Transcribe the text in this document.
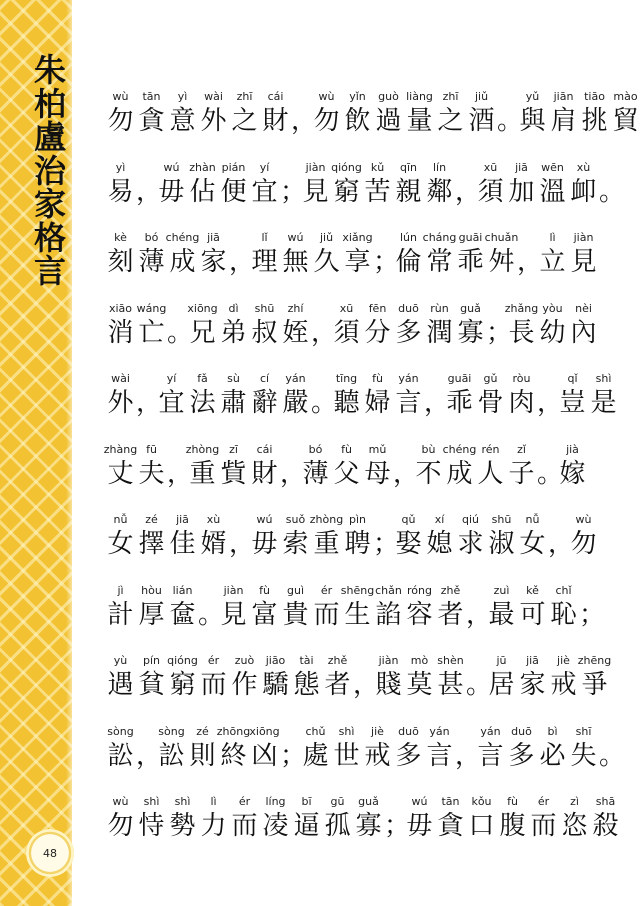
朱
柏
盧
治
家
格
言
48
wù tān yì wài zhī cái	wù yǐn guò liàng zhī jiǔ	yǔ jiān tiāo mào
勿 貪 意 外 之 財 ，
勿 飲 過 量 之 酒 。
與 肩 挑 貿
yì	wú zhàn pián yí	jiàn qióng kǔ qīn lín	xū jiā wēn xù
易 ，
毋 佔 便 宜 ；
見 窮 苦 親 鄰 ，
須 加 溫 卹 。
kè bó chéng jiā	lǐ wú jiǔ xiǎng lún cháng guāi chuǎn	lì jiàn
刻 薄 成 家 ，
理 無 久 享 ；
倫 常 乖 舛 ，
立 見
xiāo wáng xiōng dì shū zhí	xū fēn duō rùn guǎ zhǎng yòu nèi
消 亡 。
兄 弟 叔 姪 ，
須 分 多 潤 寡 ；
長 幼 內
wài	yí fǎ sù cí yán	tīng fù yán	guāi gǔ ròu	qǐ shì
外 ，
宜 法 肅 辭 嚴 。
聽 婦 言 ，
乖 骨 肉 ，
豈 是
zhàng fū	zhòng zī cái	bó fù mǔ	bù chéng rén zǐ	jià
丈 夫 ，
重 貲 財 ，
薄 父 母 ，
不 成 人 子 。
嫁
nǚ zé jiā xù	wú suǒ zhòng pìn	qǔ xí qiú shū nǚ	wù
女 擇 佳 婿 ，
毋 索 重 聘 ；
娶 媳 求 淑 女 ，
勿
jì hòu lián	jiàn fù guì ér shēng chǎn róng zhě	zuì kě chǐ
計 厚 奩 。
見 富 貴 而 生 諂 容 者 ，
最 可 恥 ；
yù pín qióng ér zuò jiāo tài zhě	jiàn mò shèn	jū jiā jiè zhēng
遇 貧 窮 而 作 驕 態 者 ，
賤 莫 甚 。
居 家 戒 爭
sòng sòng zé zhōng xiōng chǔ shì jiè duō yán	yán duō bì shī
訟 ，
訟 則 終 凶 ；
處 世 戒 多 言 ，
言 多 必 失 。
wù shì shì lì ér líng bī gū guǎ	wú tān kǒu fù ér zì shā
勿 恃 勢 力 而 凌 逼 孤 寡 ；
毋 貪 口 腹 而 恣 殺
